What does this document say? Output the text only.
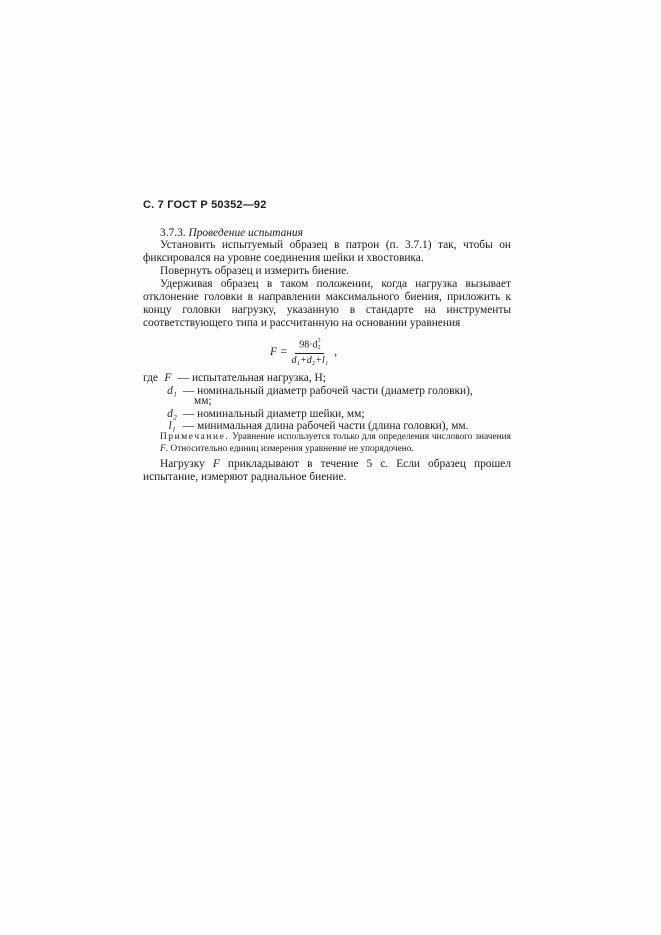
С. 7 ГОСТ Р 50352—92
3.7.3. Проведение испытания
Установить испытуемый образец в патрон (п. 3.7.1) так, чтобы он фиксировался на уровне соединения шейки и хвостовика.
Повернуть образец и измерить биение.
Удерживая образец в таком положении, когда нагрузка вызывает отклонение головки в направлении максимального биения, приложить к концу головки нагрузку, указанную в стандарте на инструменты соответствующего типа и рассчитанную на основании уравнения
F = 98·d 3
2
d₁+d₂+l₁ ,
где F — испытательная нагрузка, Н;
d₁ — номинальный диаметр рабочей части (диаметр головки),
мм;
d₂ — номинальный диаметр шейки, мм;
l₁ — минимальная длина рабочей части (длина головки), мм.
Примечание. Уравнение используется только для определения числового значения F. Относительно единиц измерения уравнение не упорядочено.
Нагрузку F прикладывают в течение 5 с. Если образец прошел испытание, измеряют радиальное биение.
